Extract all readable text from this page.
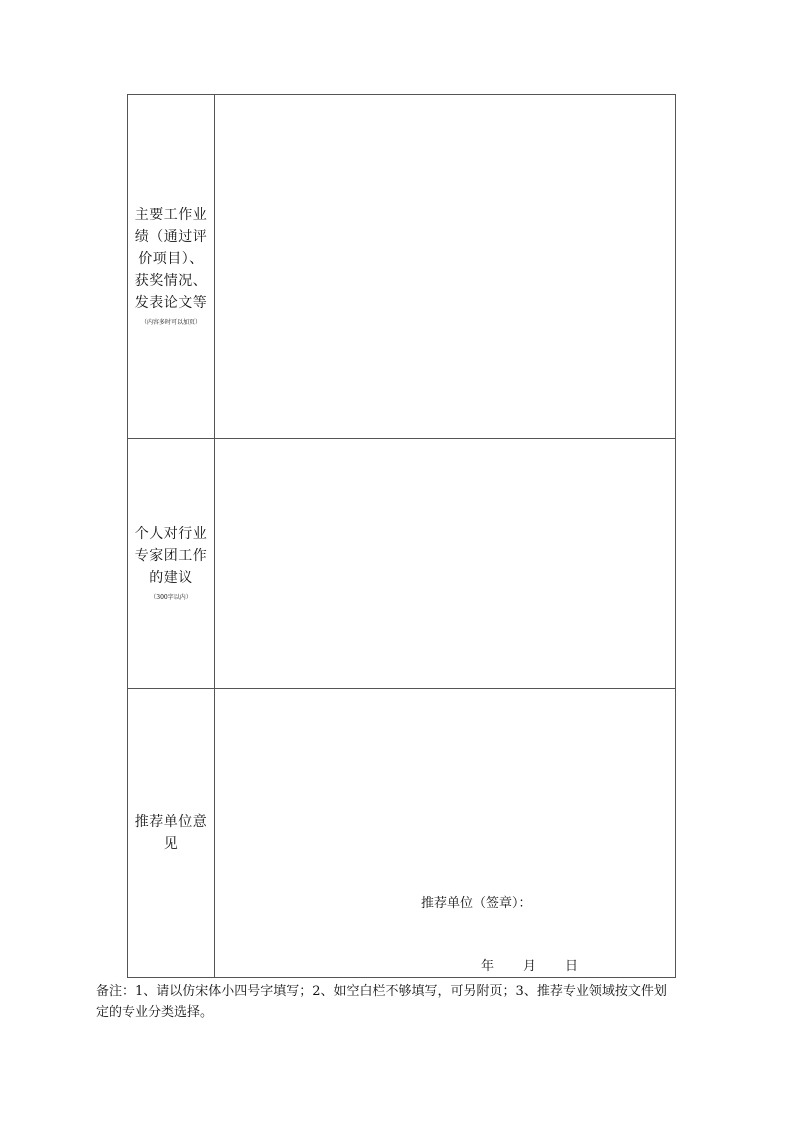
主要工作业
绩（通过评
价项目）、
获奖情况、
发表论文等
（内容多时可以加页）
个人对行业
专家团工作
的建议
（300字以内）
推荐单位意
见
推荐单位（签章）：
年	月	日
备注：1、请以仿宋体小四号字填写；2、如空白栏不够填写，可另附页；3、推荐专业领域按文件划
定的专业分类选择。
